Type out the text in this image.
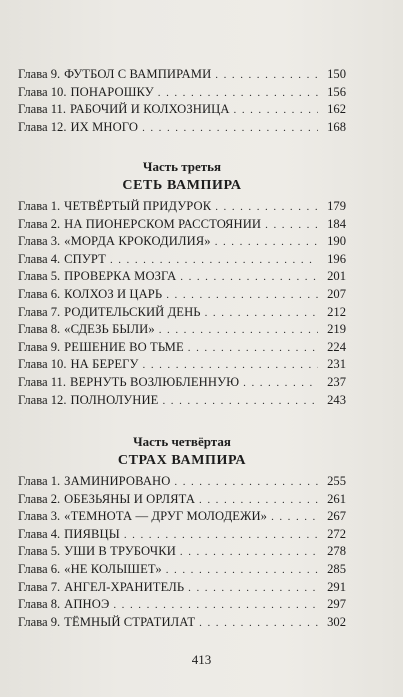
Глава 9. ФУТБОЛ С ВАМПИРАМИ . . .	150
Глава 10. ПОНАРОШКУ . . .	156
Глава 11. РАБОЧИЙ И КОЛХОЗНИЦА . . .	162
Глава 12. ИХ МНОГО . . .	168
Часть третья
СЕТЬ ВАМПИРА
Глава 1. ЧЕТВЁРТЫЙ ПРИДУРОК . . .	179
Глава 2. НА ПИОНЕРСКОМ РАССТОЯНИИ . . .	184
Глава 3. «МОРДА КРОКОДИЛИЯ» . . .	190
Глава 4. СПУРТ . . .	196
Глава 5. ПРОВЕРКА МОЗГА . . .	201
Глава 6. КОЛХОЗ И ЦАРЬ . . .	207
Глава 7. РОДИТЕЛЬСКИЙ ДЕНЬ . . .	212
Глава 8. «СДЕЗЬ БЫЛИ» . . .	219
Глава 9. РЕШЕНИЕ ВО ТЬМЕ . . .	224
Глава 10. НА БЕРЕГУ . . .	231
Глава 11. ВЕРНУТЬ ВОЗЛЮБЛЕННУЮ . . .	237
Глава 12. ПОЛНОЛУНИЕ . . .	243
Часть четвёртая
СТРАХ ВАМПИРА
Глава 1. ЗАМИНИРОВАНО . . .	255
Глава 2. ОБЕЗЬЯНЫ И ОРЛЯТА . . .	261
Глава 3. «ТЕМНОТА — ДРУГ МОЛОДЕЖИ» . . .	267
Глава 4. ПИЯВЦЫ . . .	272
Глава 5. УШИ В ТРУБОЧКИ . . .	278
Глава 6. «НЕ КОЛЫШЕТ» . . .	285
Глава 7. АНГЕЛ-ХРАНИТЕЛЬ . . .	291
Глава 8. АПНОЭ . . .	297
Глава 9. ТЁМНЫЙ СТРАТИЛАТ . . .	302
413
